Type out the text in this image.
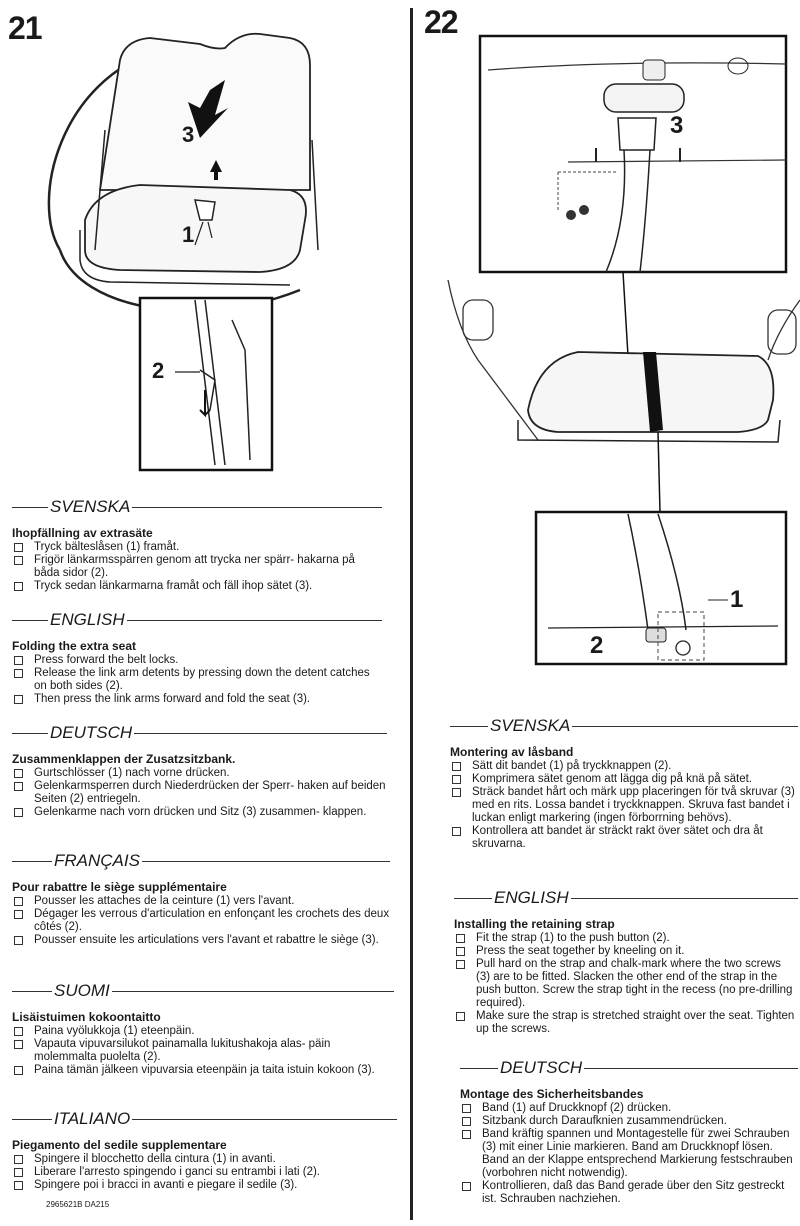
21
3
1
2
SVENSKA
Ihopfällning av extrasäte
Tryck bälteslåsen (1) framåt.
Frigör länkarmsspärren genom att trycka ner spärr- hakarna på båda sidor (2).
Tryck sedan länkarmarna framåt och fäll ihop sätet (3).
ENGLISH
Folding the extra seat
Press forward the belt locks.
Release the link arm detents by pressing down the detent catches on both sides (2).
Then press the link arms forward and fold the seat (3).
DEUTSCH
Zusammenklappen der Zusatzsitzbank.
Gurtschlösser (1) nach vorne drücken.
Gelenkarmsperren durch Niederdrücken der Sperr- haken auf beiden Seiten (2) entriegeln.
Gelenkarme nach vorn drücken und Sitz (3) zusammen- klappen.
FRANÇAIS
Pour rabattre le siège supplémentaire
Pousser les attaches de la ceinture (1) vers l'avant.
Dégager les verrous d'articulation en enfonçant les crochets des deux côtés (2).
Pousser ensuite les articulations vers l'avant et rabattre le siège (3).
SUOMI
Lisäistuimen kokoontaitto
Paina vyölukkoja (1) eteenpäin.
Vapauta vipuvarsilukot painamalla lukitushakoja alas- päin molemmalta puolelta (2).
Paina tämän jälkeen vipuvarsia eteenpäin ja taita istuin kokoon (3).
ITALIANO
Piegamento del sedile supplementare
Spingere il blocchetto della cintura (1) in avanti.
Liberare l'arresto spingendo i ganci su entrambi i lati (2).
Spingere poi i bracci in avanti e piegare il sedile (3).
2965621B DA215
22
3
1
2
SVENSKA
Montering av låsband
Sätt dit bandet (1) på tryckknappen (2).
Komprimera sätet genom att lägga dig på knä på sätet.
Sträck bandet hårt och märk upp placeringen för två skruvar (3) med en rits. Lossa bandet i tryckknappen. Skruva fast bandet i luckan enligt markering (ingen förborrning behövs).
Kontrollera att bandet är sträckt rakt över sätet och dra åt skruvarna.
ENGLISH
Installing the retaining strap
Fit the strap (1) to the push button (2).
Press the seat together by kneeling on it.
Pull hard on the strap and chalk-mark where the two screws (3) are to be fitted. Slacken the other end of the strap in the push button. Screw the strap tight in the recess (no pre-drilling required).
Make sure the strap is stretched straight over the seat. Tighten up the screws.
DEUTSCH
Montage des Sicherheitsbandes
Band (1) auf Druckknopf (2) drücken.
Sitzbank durch Daraufknien zusammendrücken.
Band kräftig spannen und Montagestelle für zwei Schrauben (3) mit einer Linie markieren. Band am Druckknopf lösen. Band an der Klappe entsprechend Markierung festschrauben (vorbohren nicht notwendig).
Kontrollieren, daß das Band gerade über den Sitz gestreckt ist. Schrauben nachziehen.
